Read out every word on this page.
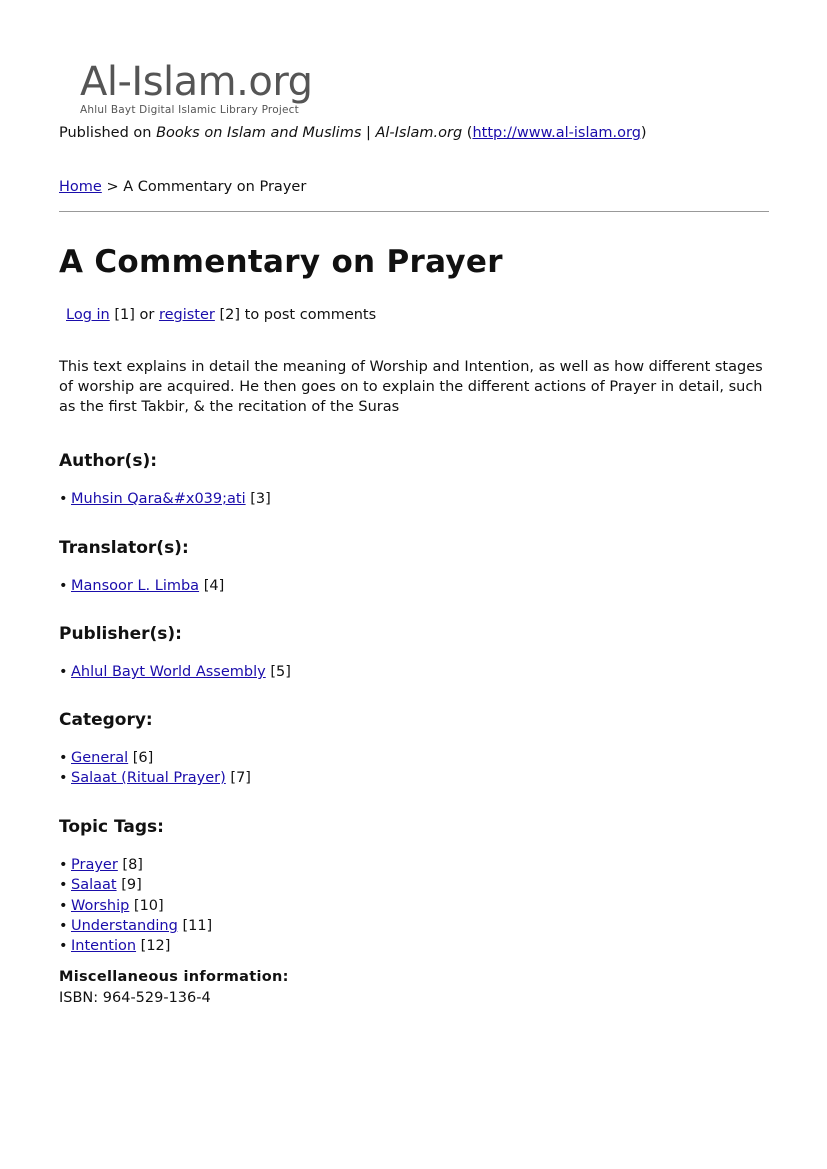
Al-Islam.org
Ahlul Bayt Digital Islamic Library Project
Published on Books on Islam and Muslims | Al-Islam.org (http://www.al-islam.org)
Home > A Commentary on Prayer
A Commentary on Prayer
Log in [1] or register [2] to post comments

This text explains in detail the meaning of Worship and Intention, as well as how different stages of worship are acquired. He then goes on to explain the different actions of Prayer in detail, such as the first Takbir, & the recitation of the Suras

Author(s):
• Muhsin Qara&#x039;ati [3]
Translator(s):
• Mansoor L. Limba [4]
Publisher(s):
• Ahlul Bayt World Assembly [5]
Category:
• General [6]
• Salaat (Ritual Prayer) [7]
Topic Tags:
• Prayer [8]
• Salaat [9]
• Worship [10]
• Understanding [11]
• Intention [12]
Miscellaneous information:
ISBN: 964-529-136-4
